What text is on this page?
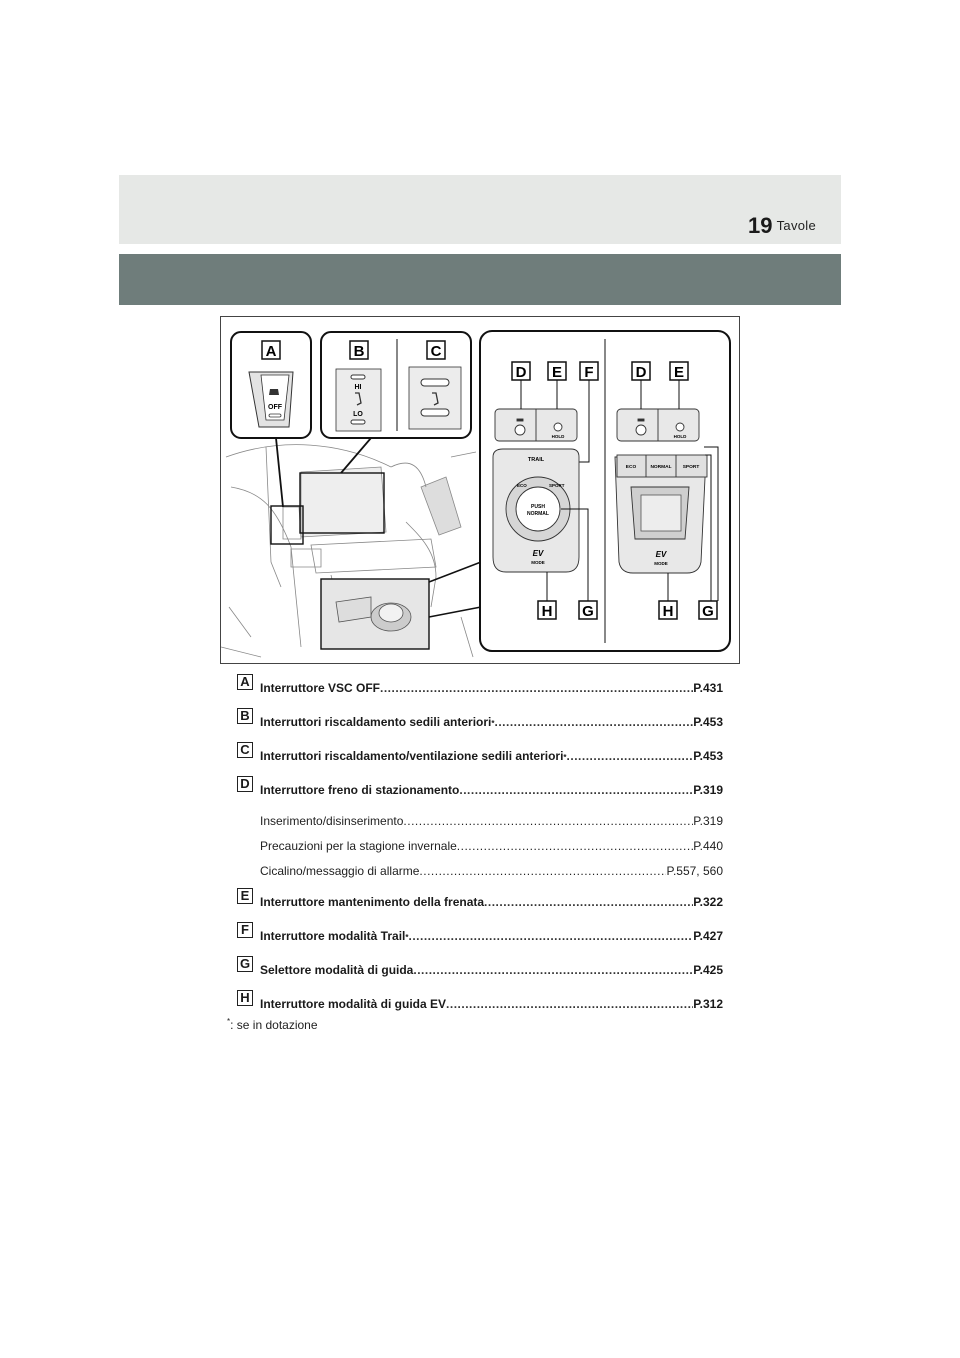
Tavole
19
A
OFF
B	C
HI
LO
D E F	D E
H G	H G
HOLD
TRAIL
ECO	SPORT
PUSH
NORMAL
EV
MODE
HOLD
ECO	NORMAL SPORT
EV
MODE
A Interruttore VSC OFF .....	P.431
B Interruttori riscaldamento sedili anteriori * .....	P.453
C Interruttori riscaldamento/ventilazione sedili anteriori * .....	P.453
D Interruttore freno di stazionamento .....	P.319
Inserimento/disinserimento .....	P.319
Precauzioni per la stagione invernale .....	P.440
Cicalino/messaggio di allarme .....	P.557, 560
E Interruttore mantenimento della frenata .....	P.322
F Interruttore modalità Trail * .....	P.427
G Selettore modalità di guida .....	P.425
H Interruttore modalità di guida EV .....	P.312
*: se in dotazione
